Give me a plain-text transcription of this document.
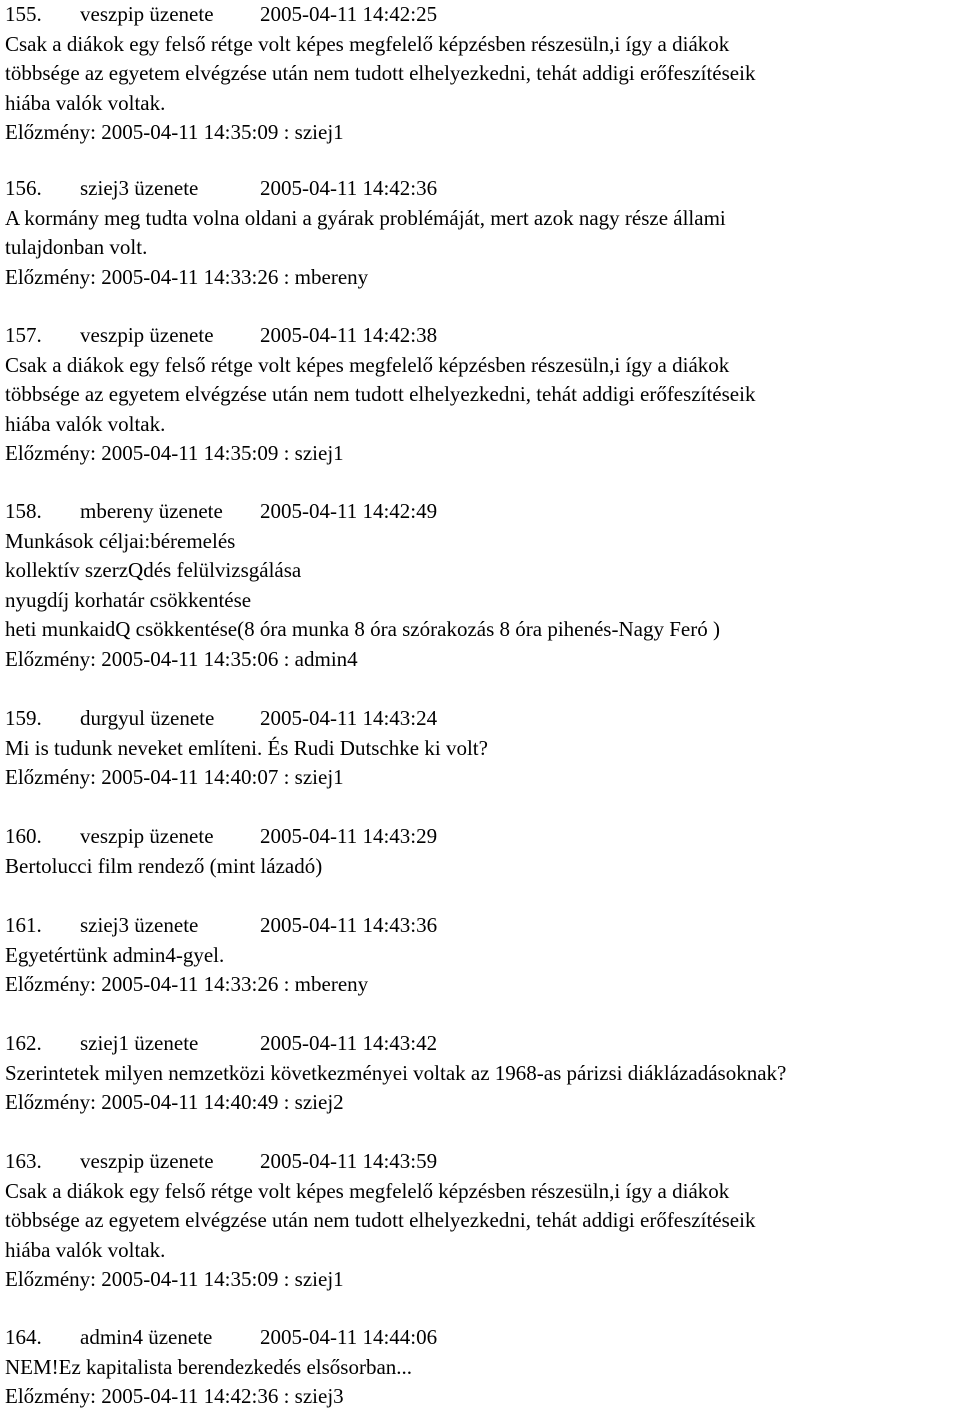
155. veszpip üzenete 2005-04-11 14:42:25
Csak a diákok egy felső rétge volt képes megfelelő képzésben részesüln,i így a diákok
többsége az egyetem elvégzése után nem tudott elhelyezkedni, tehát addigi erőfeszítéseik
hiába valók voltak.
Előzmény: 2005-04-11 14:35:09 : sziej1
156. sziej3 üzenete	2005-04-11 14:42:36
A kormány meg tudta volna oldani a gyárak problémáját, mert azok nagy része állami
tulajdonban volt.
Előzmény: 2005-04-11 14:33:26 : mbereny
157. veszpip üzenete 2005-04-11 14:42:38
Csak a diákok egy felső rétge volt képes megfelelő képzésben részesüln,i így a diákok
többsége az egyetem elvégzése után nem tudott elhelyezkedni, tehát addigi erőfeszítéseik
hiába valók voltak.
Előzmény: 2005-04-11 14:35:09 : sziej1
158. mbereny üzenete 2005-04-11 14:42:49
Munkások céljai:béremelés
kollektív szerzQdés felülvizsgálása
nyugdíj korhatár csökkentése
heti munkaidQ csökkentése(8 óra munka 8 óra szórakozás 8 óra pihenés-Nagy Feró )
Előzmény: 2005-04-11 14:35:06 : admin4
159. durgyul üzenete 2005-04-11 14:43:24
Mi is tudunk neveket említeni. És Rudi Dutschke ki volt?
Előzmény: 2005-04-11 14:40:07 : sziej1
160. veszpip üzenete 2005-04-11 14:43:29
Bertolucci film rendező (mint lázadó)
161. sziej3 üzenete	2005-04-11 14:43:36
Egyetértünk admin4-gyel.
Előzmény: 2005-04-11 14:33:26 : mbereny
162. sziej1 üzenete	2005-04-11 14:43:42
Szerintetek milyen nemzetközi következményei voltak az 1968-as párizsi diáklázadásoknak?
Előzmény: 2005-04-11 14:40:49 : sziej2
163. veszpip üzenete 2005-04-11 14:43:59
Csak a diákok egy felső rétge volt képes megfelelő képzésben részesüln,i így a diákok
többsége az egyetem elvégzése után nem tudott elhelyezkedni, tehát addigi erőfeszítéseik
hiába valók voltak.
Előzmény: 2005-04-11 14:35:09 : sziej1
164. admin4 üzenete 2005-04-11 14:44:06
NEM!Ez kapitalista berendezkedés elsősorban...
Előzmény: 2005-04-11 14:42:36 : sziej3
